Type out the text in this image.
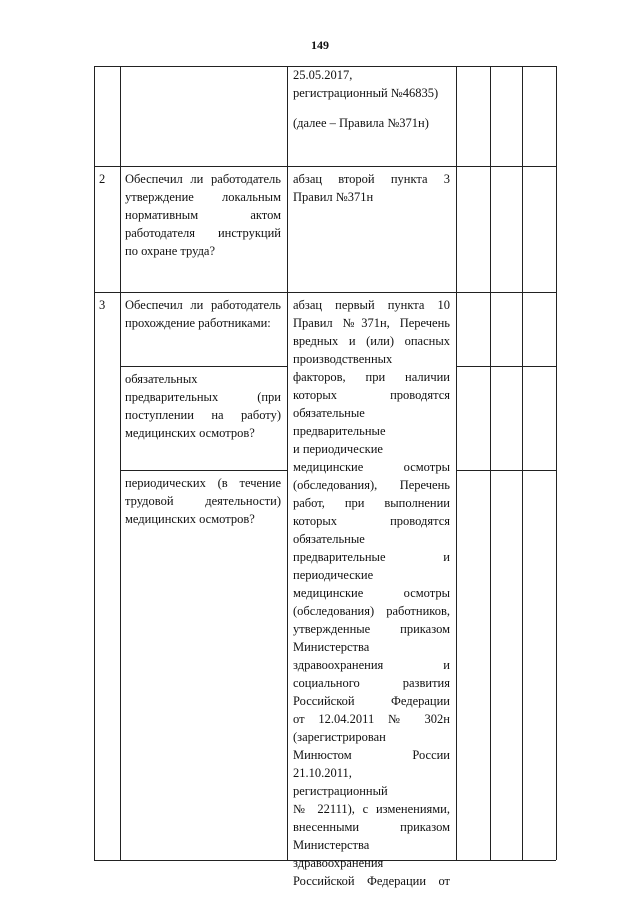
149
25.05.2017,
регистрационный №46835)
(далее – Правила №371н)
2 Обеспечил ли работодатель
утверждение локальным
нормативным актом
работодателя инструкций
по охране труда?
абзац второй пункта 3
Правил №371н
3 Обеспечил ли работодатель
прохождение работниками:
обязательных
предварительных (при
поступлении на работу)
медицинских осмотров?
периодических (в течение
трудовой деятельности)
медицинских осмотров?
абзац первый пункта 10
Правил №371н, Перечень
вредных и (или) опасных
производственных
факторов, при наличии
которых проводятся
обязательные
предварительные
и периодические
медицинские осмотры
(обследования), Перечень
работ, при выполнении
которых проводятся
обязательные
предварительные и
периодические
медицинские осмотры
(обследования) работников,
утвержденные приказом
Министерства
здравоохранения и
социального развития
Российской Федерации
от 12.04.2011 № 302н
(зарегистрирован
Минюстом России
21.10.2011,
регистрационный
№ 22111), с изменениями,
внесенными приказом
Министерства
здравоохранения
Российской Федерации от
